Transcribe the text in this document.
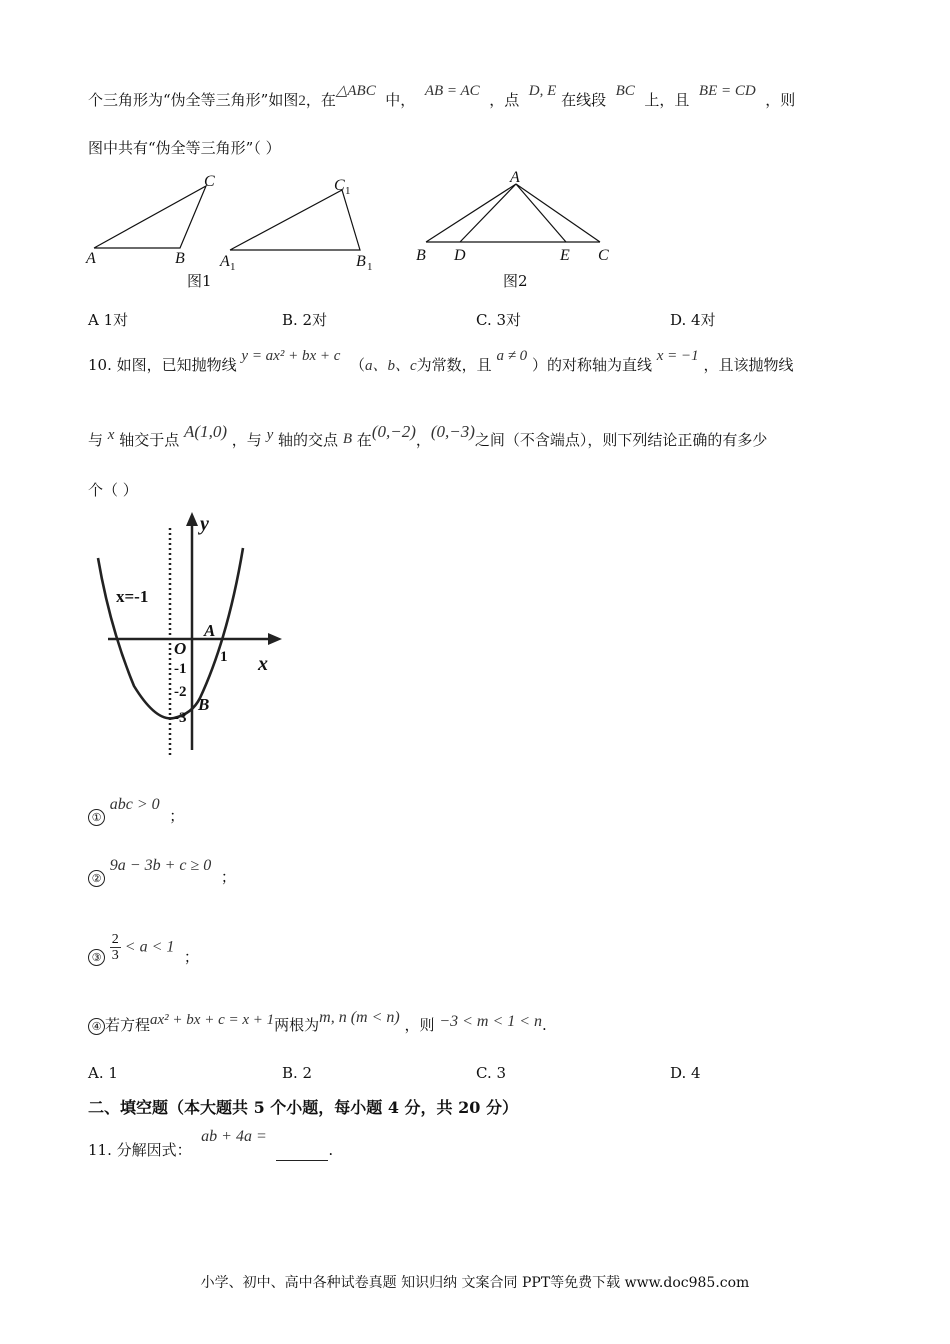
个三角形为“伪全等三角形”如图2，在△ABC 中， AB = AC ，点 D, E 在线段 BC 上，且 BE = CD ，则
图中共有“伪全等三角形”（ ）
A	B
C
A 1	B 1
C 1
图1
A
B D	E C
图2
A 1对	B. 2对	C. 3对	D. 4对
10. 如图，已知抛物线 y = ax² + bx + c （a、b、c为常数，且 a ≠ 0 ）的对称轴为直线 x = −1 ，且该抛物线
与 x 轴交于点 A(1,0) ，与 y 轴的交点 B 在(0,−2)，(0,−3)之间（不含端点），则下列结论正确的有多少
个（ ）
y
x
x=-1
O
A
1
-1
-2
-3
B
① abc > 0  ；
② 9a − 3b + c ≥ 0  ；
③ $\frac{2}{3} < a < 1$  ；
④ 若方程ax² + bx + c = x + 1两根为m, n (m < n) ，则 −3 < m < 1 < n.
A. 1	B. 2	C. 3	D. 4
二、填空题（本大题共 5 个小题，每小题 4 分，共 20 分）
11. 分解因式：  ab + 4a =  .
小学、初中、高中各种试卷真题 知识归纳 文案合同 PPT等免费下载 www.doc985.com
